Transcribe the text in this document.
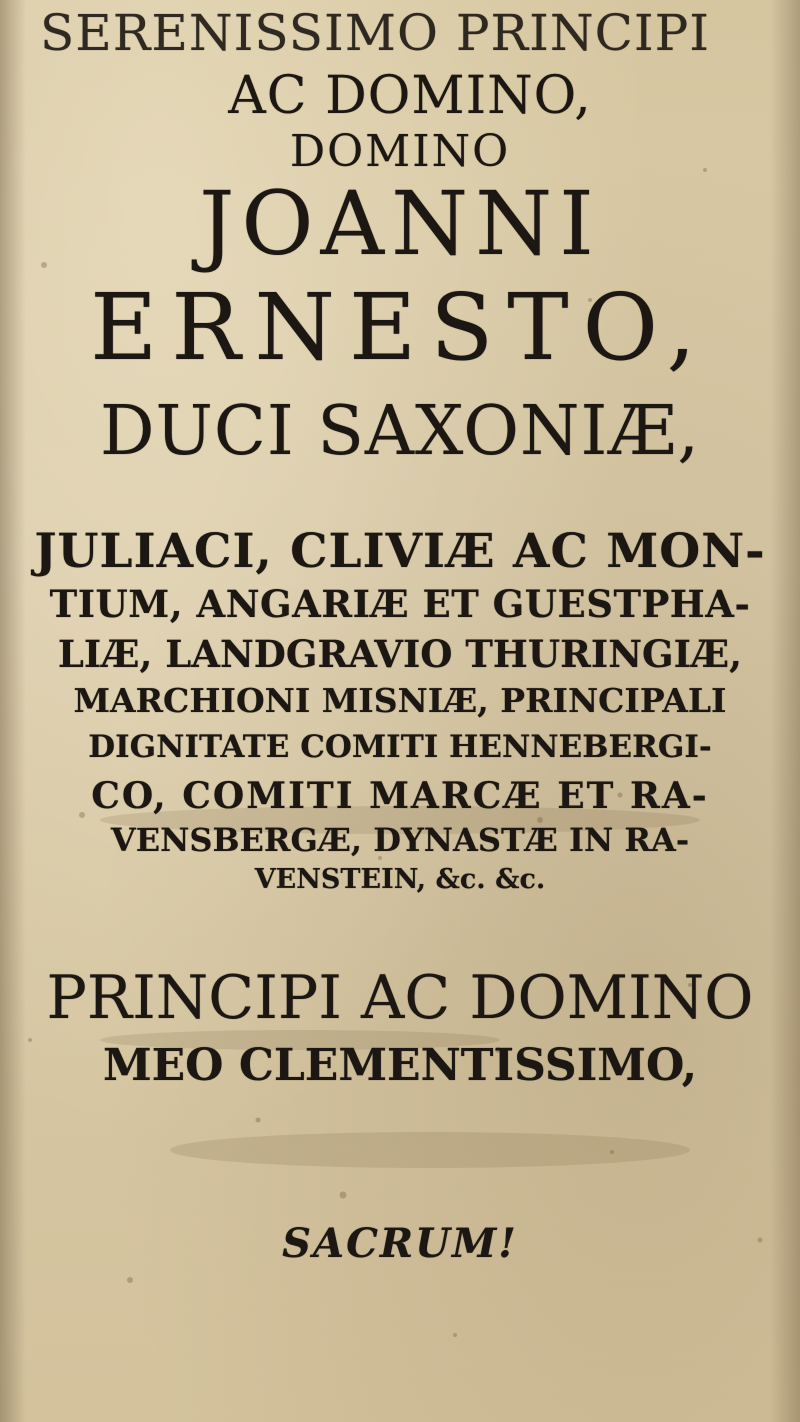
SERENISSIMO PRINCIPI
AC DOMINO,
DOMINO
JOANNI
ERNESTO,
DUCI SAXONIÆ,
JULIACI, CLIVIÆ AC MON-
TIUM, ANGARIÆ ET GUESTPHA-
LIÆ, LANDGRAVIO THURINGIÆ,
MARCHIONI MISNIÆ, PRINCIPALI
DIGNITATE COMITI HENNEBERGI-
CO, COMITI MARCÆ ET RA-
VENSBERGÆ, DYNASTÆ IN RA-
VENSTEIN, &c. &c.
PRINCIPI AC DOMINO
MEO CLEMENTISSIMO,
SACRUM!
